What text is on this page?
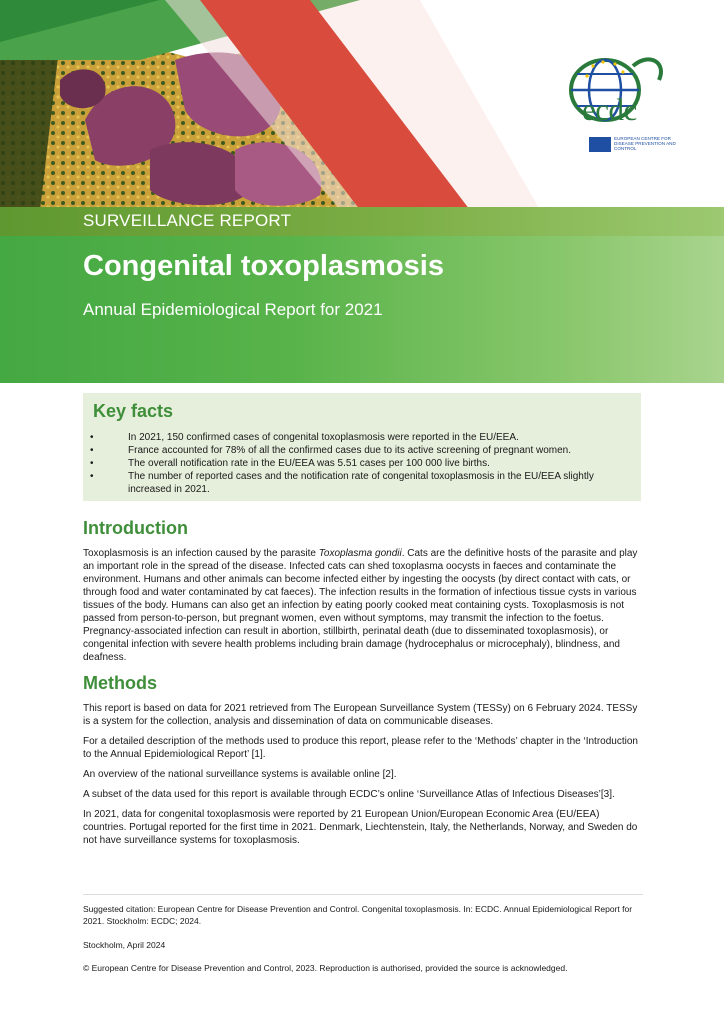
SURVEILLANCE REPORT
Congenital toxoplasmosis
Annual Epidemiological Report for 2021
ecdc
EUROPEAN CENTRE FOR DISEASE PREVENTION AND CONTROL
Key facts
•	In 2021, 150 confirmed cases of congenital toxoplasmosis were reported in the EU/EEA.
•	France accounted for 78% of all the confirmed cases due to its active screening of pregnant women.
•	The overall notification rate in the EU/EEA was 5.51 cases per 100 000 live births.
•	The number of reported cases and the notification rate of congenital toxoplasmosis in the EU/EEA slightly increased in 2021.
Introduction

Toxoplasmosis is an infection caused by the parasite Toxoplasma gondii. Cats are the definitive hosts of the parasite and play an important role in the spread of the disease. Infected cats can shed toxoplasma oocysts in faeces and contaminate the environment. Humans and other animals can become infected either by ingesting the oocysts (by direct contact with cats, or through food and water contaminated by cat faeces). The infection results in the formation of infectious tissue cysts in various tissues of the body. Humans can also get an infection by eating poorly cooked meat containing cysts. Toxoplasmosis is not passed from person-to-person, but pregnant women, even without symptoms, may transmit the infection to the foetus. Pregnancy-associated infection can result in abortion, stillbirth, perinatal death (due to disseminated toxoplasmosis), or congenital infection with severe health problems including brain damage (hydrocephalus or microcephaly), blindness, and deafness.

Methods

This report is based on data for 2021 retrieved from The European Surveillance System (TESSy) on 6 February 2024. TESSy is a system for the collection, analysis and dissemination of data on communicable diseases.

For a detailed description of the methods used to produce this report, please refer to the ‘Methods’ chapter in the ‘Introduction to the Annual Epidemiological Report’ [1].

An overview of the national surveillance systems is available online [2].

A subset of the data used for this report is available through ECDC’s online ‘Surveillance Atlas of Infectious Diseases’[3].

In 2021, data for congenital toxoplasmosis were reported by 21 European Union/European Economic Area (EU/EEA) countries. Portugal reported for the first time in 2021. Denmark, Liechtenstein, Italy, the Netherlands, Norway, and Sweden do not have surveillance systems for toxoplasmosis.

Suggested citation: European Centre for Disease Prevention and Control. Congenital toxoplasmosis. In: ECDC. Annual Epidemiological Report for 2021. Stockholm: ECDC; 2024.
Stockholm, April 2024
© European Centre for Disease Prevention and Control, 2023. Reproduction is authorised, provided the source is acknowledged.
